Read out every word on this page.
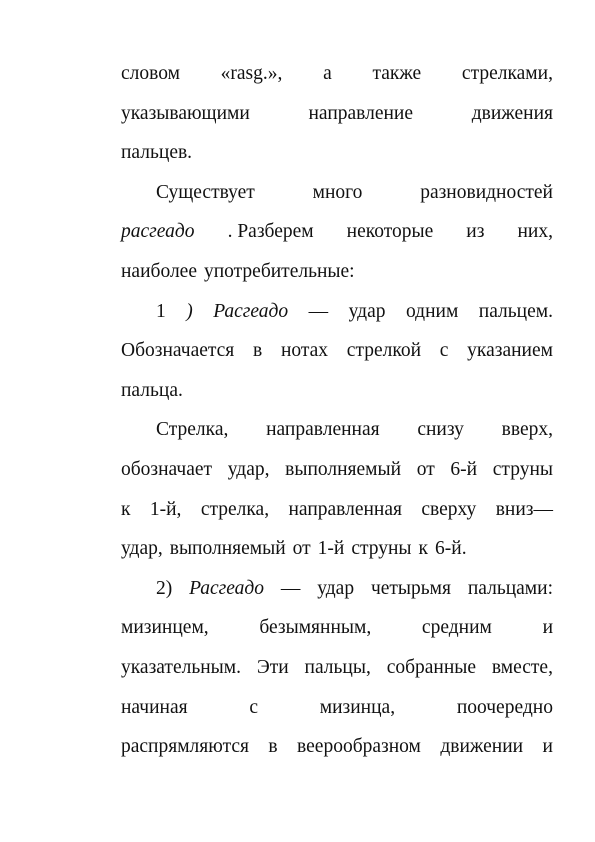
словом «rasg.», а также стрелками,
указывающими	направление	движения
пальцев.
Существует	много	разновидностей
расгеадо . Разберем некоторые из них,
наиболее употребительные:
1 ) Расгеадо — удар одним пальцем.
Обозначается в нотах стрелкой с указанием
пальца.
Стрелка, направленная снизу вверх,
обозначает удар, выполняемый от 6-й струны
к 1-й, стрелка, направленная сверху вниз—
удар, выполняемый от 1-й струны к 6-й.
2) Расгеадо — удар четырьмя пальцами:
мизинцем,	безымянным,	средним	и
указательным. Эти пальцы, собранные вместе,
начиная	с	мизинца,	поочередно
распрямляются в веерообразном движении и
